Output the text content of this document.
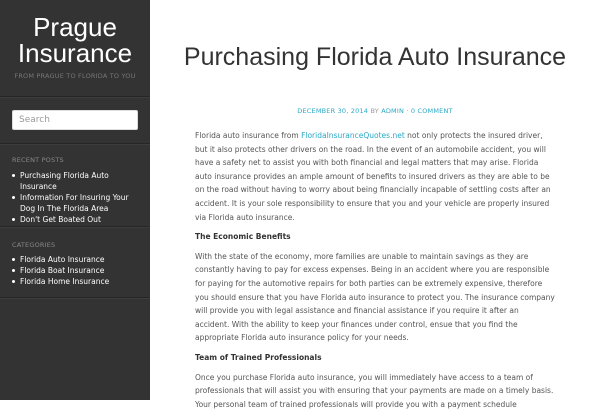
Prague
Insurance
FROM PRAGUE TO FLORIDA TO YOU
Search
RECENT POSTS
Purchasing Florida Auto Insurance
Information For Insuring Your Dog In The Florida Area
Don't Get Boated Out
CATEGORIES
Florida Auto Insurance
Florida Boat Insurance
Florida Home Insurance
Purchasing Florida Auto Insurance
DECEMBER 30, 2014 BY ADMIN · 0 COMMENT

Florida auto insurance from FloridaInsuranceQuotes.net not only protects the insured driver, but it also protects other drivers on the road. In the event of an automobile accident, you will have a safety net to assist you with both financial and legal matters that may arise. Florida auto insurance provides an ample amount of benefits to insured drivers as they are able to be on the road without having to worry about being financially incapable of settling costs after an accident. It is your sole responsibility to ensure that you and your vehicle are properly insured via Florida auto insurance.

The Economic Benefits

With the state of the economy, more families are unable to maintain savings as they are constantly having to pay for excess expenses. Being in an accident where you are responsible for paying for the automotive repairs for both parties can be extremely expensive, therefore you should ensure that you have Florida auto insurance to protect you. The insurance company will provide you with legal assistance and financial assistance if you require it after an accident. With the ability to keep your finances under control, ensue that you find the appropriate Florida auto insurance policy for your needs.

Team of Trained Professionals

Once you purchase Florida auto insurance, you will immediately have access to a team of professionals that will assist you with ensuring that your payments are made on a timely basis. Your personal team of trained professionals will provide you with a payment schedule
